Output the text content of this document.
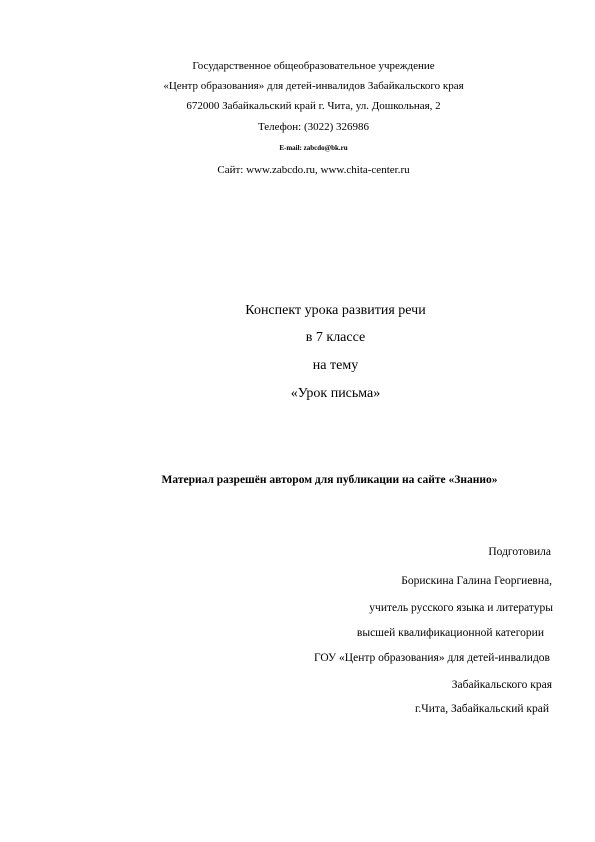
Государственное общеобразовательное учреждение
«Центр образования» для детей-инвалидов Забайкальского края
672000 Забайкальский край г. Чита, ул. Дошкольная, 2
Телефон: (3022) 326986
E-mail: zabcdo@bk.ru
Сайт: www.zabcdo.ru, www.chita-center.ru
Конспект урока развития речи
в 7 классе
на тему
«Урок письма»
Материал разрешён автором для публикации на сайте «Знанио»
Подготовила
Борискина Галина Георгиевна,
учитель русского языка и литературы
высшей квалификационной категории
ГОУ «Центр образования» для детей-инвалидов
Забайкальского края
г.Чита, Забайкальский край
